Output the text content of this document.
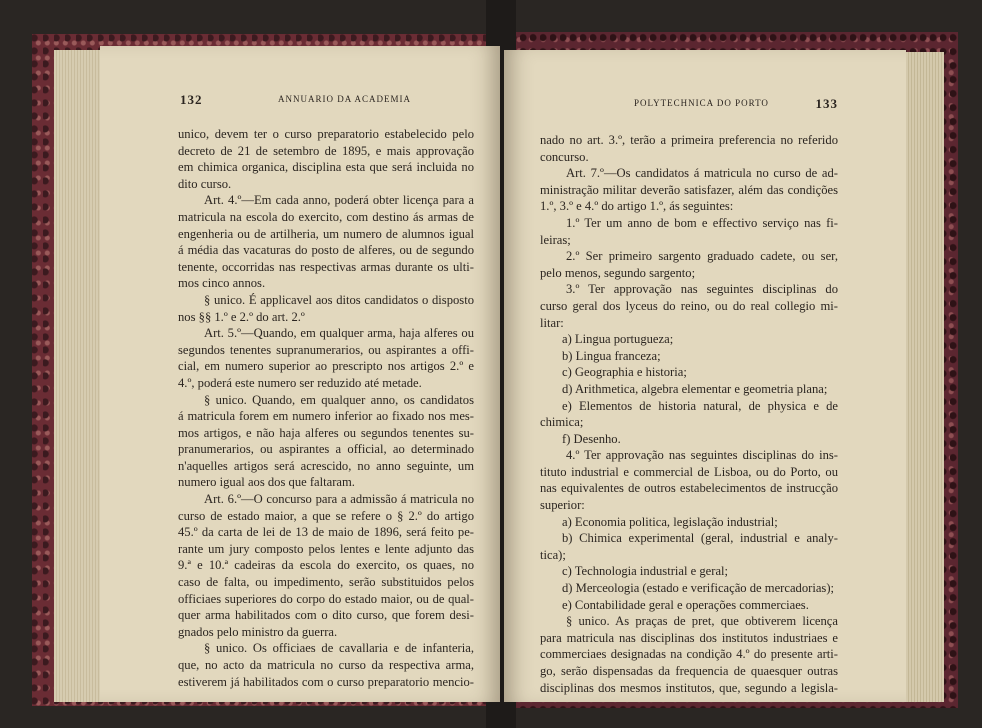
132	ANNUARIO DA ACADEMIA
unico, devem ter o curso preparatorio estabelecido pelo
decreto de 21 de setembro de 1895, e mais approvação
em chimica organica, disciplina esta que será incluida no
dito curso.
Art. 4.º—Em cada anno, poderá obter licença para a
matricula na escola do exercito, com destino ás armas de
engenheria ou de artilheria, um numero de alumnos igual
á média das vacaturas do posto de alferes, ou de segundo
tenente, occorridas nas respectivas armas durante os ulti-
mos cinco annos.
§ unico. É applicavel aos ditos candidatos o disposto
nos §§ 1.º e 2.º do art. 2.º
Art. 5.º—Quando, em qualquer arma, haja alferes ou
segundos tenentes supranumerarios, ou aspirantes a offi-
cial, em numero superior ao prescripto nos artigos 2.º e
4.º, poderá este numero ser reduzido até metade.
§ unico. Quando, em qualquer anno, os candidatos
á matricula forem em numero inferior ao fixado nos mes-
mos artigos, e não haja alferes ou segundos tenentes su-
pranumerarios, ou aspirantes a official, ao determinado
n'aquelles artigos será acrescido, no anno seguinte, um
numero igual aos dos que faltaram.
Art. 6.º—O concurso para a admissão á matricula no
curso de estado maior, a que se refere o § 2.º do artigo
45.º da carta de lei de 13 de maio de 1896, será feito pe-
rante um jury composto pelos lentes e lente adjunto das
9.ª e 10.ª cadeiras da escola do exercito, os quaes, no
caso de falta, ou impedimento, serão substituidos pelos
officiaes superiores do corpo do estado maior, ou de qual-
quer arma habilitados com o dito curso, que forem desi-
gnados pelo ministro da guerra.
§ unico. Os officiaes de cavallaria e de infanteria,
que, no acto da matricula no curso da respectiva arma,
estiverem já habilitados com o curso preparatorio mencio-
POLYTECHNICA DO PORTO	133
nado no art. 3.º, terão a primeira preferencia no referido
concurso.
Art. 7.º—Os candidatos á matricula no curso de ad-
ministração militar deverão satisfazer, além das condições
1.º, 3.º e 4.º do artigo 1.º, ás seguintes:
1.º Ter um anno de bom e effectivo serviço nas fi-
leiras;
2.º Ser primeiro sargento graduado cadete, ou ser,
pelo menos, segundo sargento;
3.º Ter approvação nas seguintes disciplinas do
curso geral dos lyceus do reino, ou do real collegio mi-
litar:
a) Lingua portugueza;
b) Lingua franceza;
c) Geographia e historia;
d) Arithmetica, algebra elementar e geometria plana;
e) Elementos de historia natural, de physica e de
chimica;
f) Desenho.
4.º Ter approvação nas seguintes disciplinas do ins-
tituto industrial e commercial de Lisboa, ou do Porto, ou
nas equivalentes de outros estabelecimentos de instrucção
superior:
a) Economia politica, legislação industrial;
b) Chimica experimental (geral, industrial e analy-
tica);
c) Technologia industrial e geral;
d) Merceologia (estado e verificação de mercadorias);
e) Contabilidade geral e operações commerciaes.
§ unico. As praças de pret, que obtiverem licença
para matricula nas disciplinas dos institutos industriaes e
commerciaes designadas na condição 4.º do presente arti-
go, serão dispensadas da frequencia de quaesquer outras
disciplinas dos mesmos institutos, que, segundo a legisla-
